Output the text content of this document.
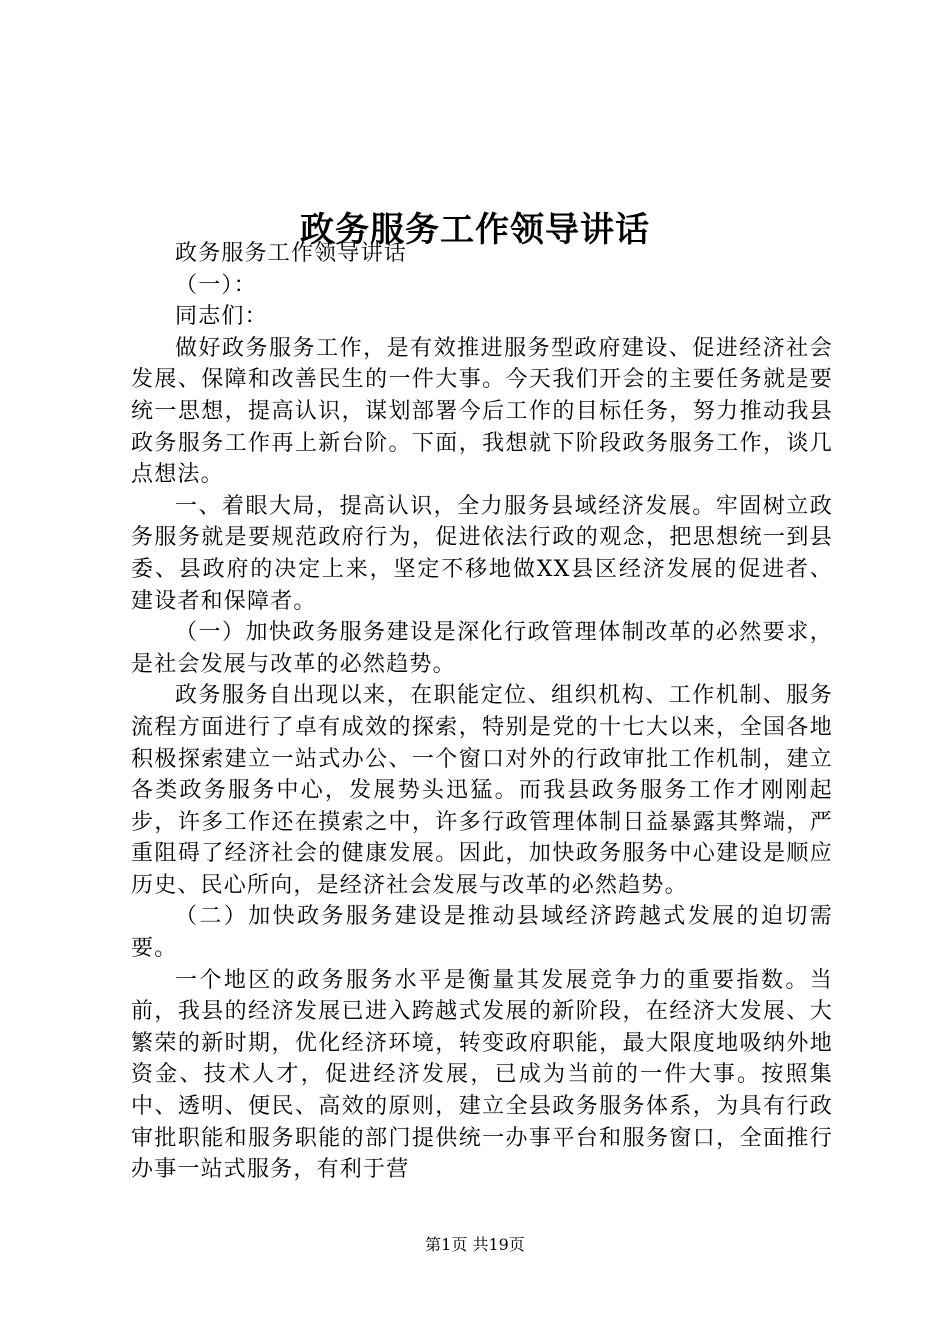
政务服务工作领导讲话

政务服务工作领导讲话

（一）：

同志们：

做好政务服务工作，是有效推进服务型政府建设、促进经济社会发展、保障和改善民生的一件大事。今天我们开会的主要任务就是要统一思想，提高认识，谋划部署今后工作的目标任务，努力推动我县政务服务工作再上新台阶。下面，我想就下阶段政务服务工作，谈几点想法。

一、着眼大局，提高认识，全力服务县域经济发展。牢固树立政务服务就是要规范政府行为，促进依法行政的观念，把思想统一到县委、县政府的决定上来，坚定不移地做XX县区经济发展的促进者、建设者和保障者。

（一）加快政务服务建设是深化行政管理体制改革的必然要求，是社会发展与改革的必然趋势。

政务服务自出现以来，在职能定位、组织机构、工作机制、服务流程方面进行了卓有成效的探索，特别是党的十七大以来，全国各地积极探索建立一站式办公、一个窗口对外的行政审批工作机制，建立各类政务服务中心，发展势头迅猛。而我县政务服务工作才刚刚起步，许多工作还在摸索之中，许多行政管理体制日益暴露其弊端，严重阻碍了经济社会的健康发展。因此，加快政务服务中心建设是顺应历史、民心所向，是经济社会发展与改革的必然趋势。

（二）加快政务服务建设是推动县域经济跨越式发展的迫切需要。

一个地区的政务服务水平是衡量其发展竞争力的重要指数。当前，我县的经济发展已进入跨越式发展的新阶段，在经济大发展、大繁荣的新时期，优化经济环境，转变政府职能，最大限度地吸纳外地资金、技术人才，促进经济发展，已成为当前的一件大事。按照集中、透明、便民、高效的原则，建立全县政务服务体系，为具有行政审批职能和服务职能的部门提供统一办事平台和服务窗口，全面推行办事一站式服务，有利于营

第1页 共19页
